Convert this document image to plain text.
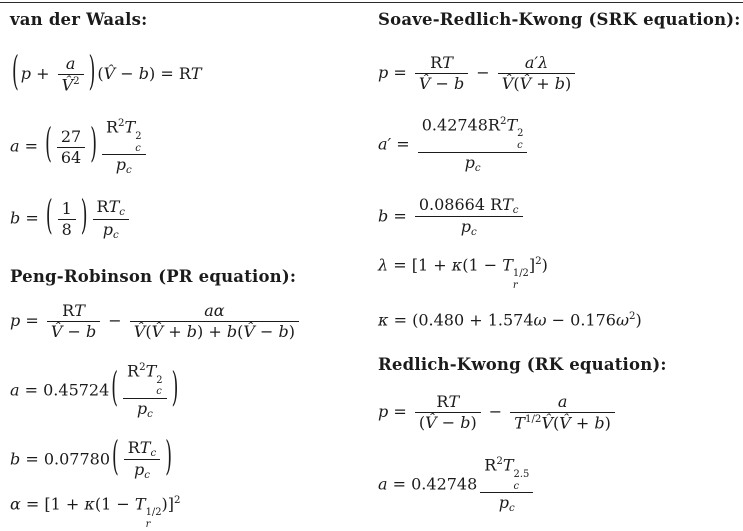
van der Waals:
( $p + \frac{a}{V̂^2}$ ) (V̂ − b) = RT
a = ( $\frac{27}{64}$ ) $R^2T$ 2
c
pc
b = ( $\frac{1}{8}$ ) $\frac{\text{RTc}}{pc}$
Peng-Robinson (PR equation):
$p = \frac{RT}{V̂ - b} - \frac{a\alpha}{V̂(V̂ + b) + b(V̂ - b)}$
a = 0.45724 ( $R^2T$ 2
c
pc )
b = 0.07780 ( $\frac{\text{RTc}}{pc}$ )
α = [1 + κ(1 − T 1/2
r
)]$^2$
Soave-Redlich-Kwong (SRK equation):
$p = \frac{RT}{V̂ - b} - \frac{a'\lambda}{V̂(V̂ + b)}$
$a' = 0.42748R^2T$ 2
c
pc
$b = \frac{\text{0.08664 RTc}}{pc}$
λ = [1 + κ(1 − T 1/2
r
]$^2$)
$\kappa = (0.480 + 1.574\omega - 0.176\omega^2)$
Redlich-Kwong (RK equation):
$p = \frac{RT}{(V̂ - b)} - \frac{a}{T^{1/2}V̂(V̂ + b)}$
a = 0.42748 $R^2T$ 2.5
c
pc
